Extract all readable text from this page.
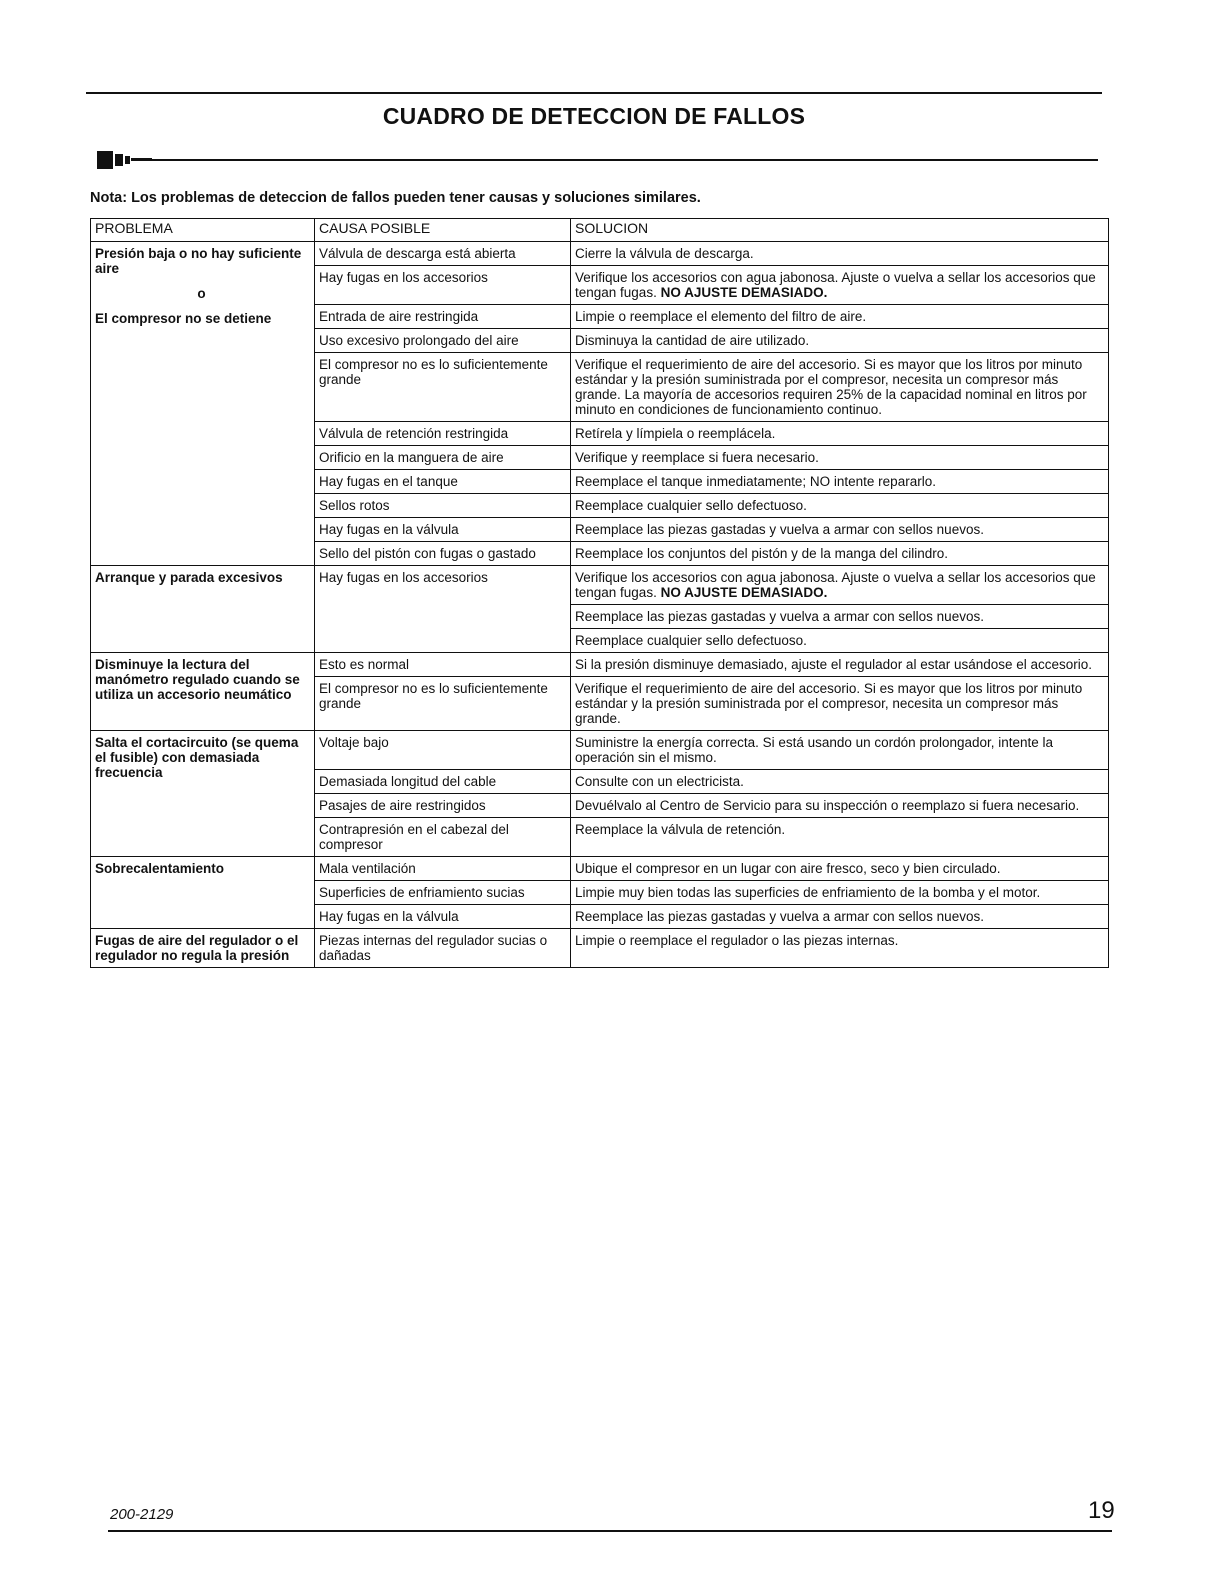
CUADRO DE DETECCION DE FALLOS
Nota: Los problemas de deteccion de fallos pueden tener causas y soluciones similares.
PROBLEMA	CAUSA POSIBLE	SOLUCION

Presión baja o no hay suficiente aire
o
El compresor no se detiene	Válvula de descarga está abierta	Cierre la válvula de descarga.
	Hay fugas en los accesorios	Verifique los accesorios con agua jabonosa. Ajuste o vuelva a sellar los accesorios que tengan fugas. NO AJUSTE DEMASIADO.
	Entrada de aire restringida	Limpie o reemplace el elemento del filtro de aire.
	Uso excesivo prolongado del aire	Disminuya la cantidad de aire utilizado.
	El compresor no es lo suficientemente grande	Verifique el requerimiento de aire del accesorio. Si es mayor que los litros por minuto estándar y la presión suministrada por el compresor, necesita un compresor más grande. La mayoría de accesorios requiren 25% de la capacidad nominal en litros por minuto en condiciones de funcionamiento continuo.
	Válvula de retención restringida	Retírela y límpiela o reemplácela.
	Orificio en la manguera de aire	Verifique y reemplace si fuera necesario.
	Hay fugas en el tanque	Reemplace el tanque inmediatamente; NO intente repararlo.
	Sellos rotos	Reemplace cualquier sello defectuoso.
	Hay fugas en la válvula	Reemplace las piezas gastadas y vuelva a armar con sellos nuevos.
	Sello del pistón con fugas o gastado	Reemplace los conjuntos del pistón y de la manga del cilindro.

Arranque y parada excesivos	Hay fugas en los accesorios	Verifique los accesorios con agua jabonosa. Ajuste o vuelva a sellar los accesorios que tengan fugas. NO AJUSTE DEMASIADO.
		Reemplace las piezas gastadas y vuelva a armar con sellos nuevos.
		Reemplace cualquier sello defectuoso.

Disminuye la lectura del manómetro regulado cuando se utiliza un accesorio neumático	Esto es normal	Si la presión disminuye demasiado, ajuste el regulador al estar usándose el accesorio.
	El compresor no es lo suficientemente grande	Verifique el requerimiento de aire del accesorio. Si es mayor que los litros por minuto estándar y la presión suministrada por el compresor, necesita un compresor más grande.

Salta el cortacircuito (se quema el fusible) con demasiada frecuencia	Voltaje bajo	Suministre la energía correcta. Si está usando un cordón prolongador, intente la operación sin el mismo.
	Demasiada longitud del cable	Consulte con un electricista.
	Pasajes de aire restringidos	Devuélvalo al Centro de Servicio para su inspección o reemplazo si fuera necesario.
	Contrapresión en el cabezal del compresor	Reemplace la válvula de retención.

Sobrecalentamiento	Mala ventilación	Ubique el compresor en un lugar con aire fresco, seco y bien circulado.
	Superficies de enfriamiento sucias	Limpie muy bien todas las superficies de enfriamiento de la bomba y el motor.
	Hay fugas en la válvula	Reemplace las piezas gastadas y vuelva a armar con sellos nuevos.

Fugas de aire del regulador o el regulador no regula la presión	Piezas internas del regulador sucias o dañadas	Limpie o reemplace el regulador o las piezas internas.
200-2129	19
